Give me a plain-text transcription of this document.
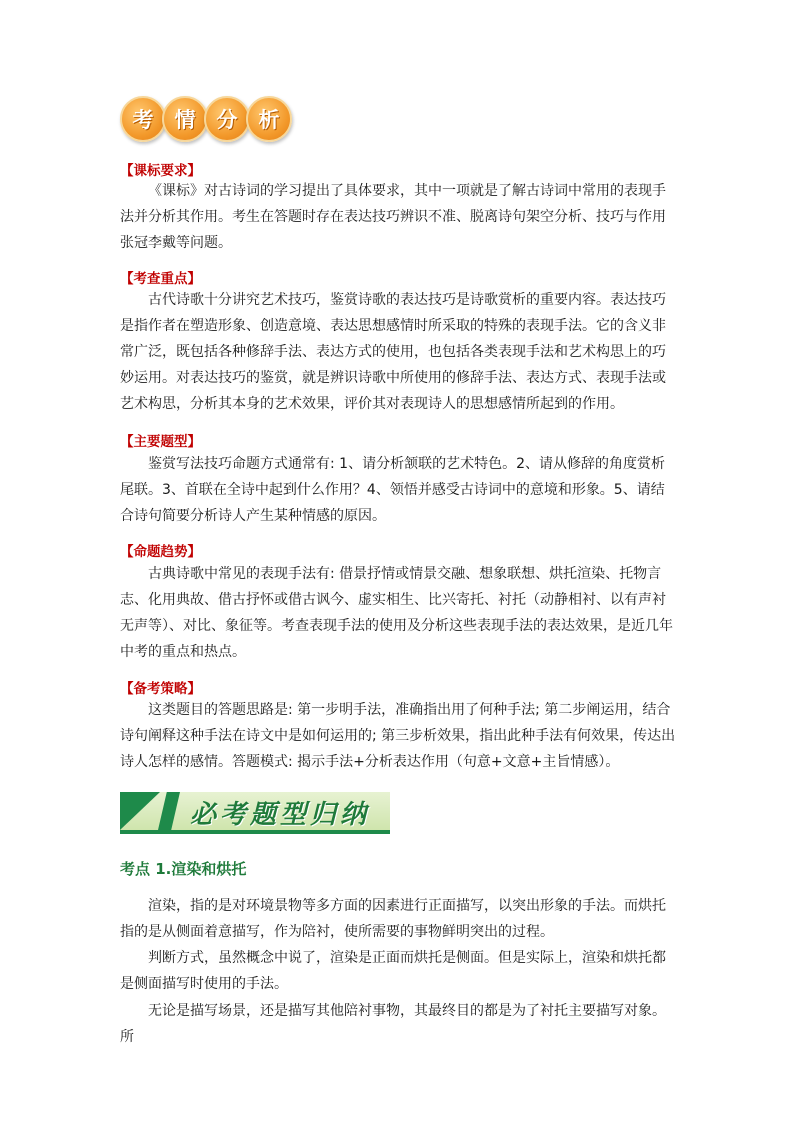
考	情	分	析
【课标要求】

《课标》对古诗词的学习提出了具体要求，其中一项就是了解古诗词中常用的表现手法并分析其作用。考生在答题时存在表达技巧辨识不准、脱离诗句架空分析、技巧与作用张冠李戴等问题。

【考查重点】

古代诗歌十分讲究艺术技巧，鉴赏诗歌的表达技巧是诗歌赏析的重要内容。表达技巧是指作者在塑造形象、创造意境、表达思想感情时所采取的特殊的表现手法。它的含义非常广泛，既包括各种修辞手法、表达方式的使用，也包括各类表现手法和艺术构思上的巧妙运用。对表达技巧的鉴赏，就是辨识诗歌中所使用的修辞手法、表达方式、表现手法或艺术构思，分析其本身的艺术效果，评价其对表现诗人的思想感情所起到的作用。

【主要题型】

鉴赏写法技巧命题方式通常有: 1、请分析颔联的艺术特色。2、请从修辞的角度赏析尾联。3、首联在全诗中起到什么作用？4、领悟并感受古诗词中的意境和形象。5、请结合诗句简要分析诗人产生某种情感的原因。

【命题趋势】

古典诗歌中常见的表现手法有: 借景抒情或情景交融、想象联想、烘托渲染、托物言志、化用典故、借古抒怀或借古讽今、虚实相生、比兴寄托、衬托（动静相衬、以有声衬无声等）、对比、象征等。考查表现手法的使用及分析这些表现手法的表达效果，是近几年中考的重点和热点。

【备考策略】

这类题目的答题思路是: 第一步明手法，准确指出用了何种手法; 第二步阐运用，结合诗句阐释这种手法在诗文中是如何运用的; 第三步析效果，指出此种手法有何效果，传达出诗人怎样的感情。答题模式: 揭示手法+分析表达作用（句意+文意+主旨情感）。

必考题型归纳
考点 1.渲染和烘托

渲染，指的是对环境景物等多方面的因素进行正面描写，以突出形象的手法。而烘托指的是从侧面着意描写，作为陪衬，使所需要的事物鲜明突出的过程。

判断方式，虽然概念中说了，渲染是正面而烘托是侧面。但是实际上，渲染和烘托都是侧面描写时使用的手法。

无论是描写场景，还是描写其他陪衬事物，其最终目的都是为了衬托主要描写对象。所
